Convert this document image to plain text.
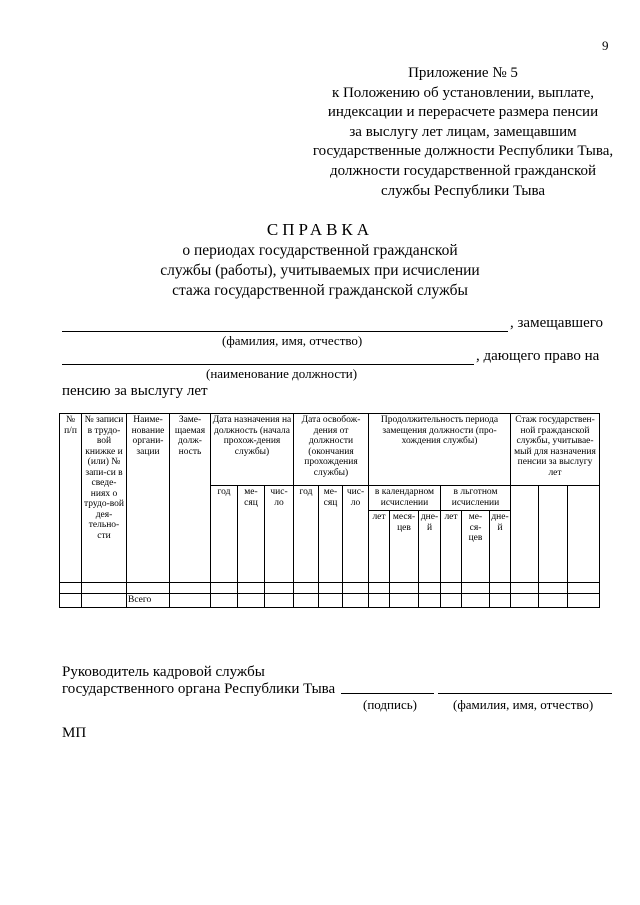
9
Приложение № 5
к Положению об установлении, выплате,
индексации и перерасчете размера пенсии
за выслугу лет лицам, замещавшим
государственные должности Республики Тыва,
должности государственной гражданской
службы Республики Тыва
СПРАВКА
о периодах государственной гражданской
службы (работы), учитываемых при исчислении
стажа государственной гражданской службы
, замещавшего
(фамилия, имя, отчество)
, дающего право на
(наименование должности)
пенсию за выслугу лет
№ п/п	№ записи в трудо-вой книжке и (или) № запи-си в сведе-ниях о трудо-вой дея-тельно-сти	Наиме-нование органи-зации	Заме-щаемая долж-ность	Дата назначения на должность (начала прохож-дения службы)			Дата освобож-дения от должности (окончания прохождения службы)			Продолжительность периода замещения должности (про-хождения службы)						Стаж государствен-ной гражданской службы, учитывае-мый для назначения пенсии за выслугу лет		
				год	ме-сяц	чис-ло	год	ме-сяц	чис-ло	в календарном исчислении			в льготном исчислении					
										лет	меся-цев	дне-й	лет	ме-ся-цев	дне-й			

		Всего																
Руководитель кадровой службы
государственного органа Республики Тыва
(подпись)	(фамилия, имя, отчество)
МП
